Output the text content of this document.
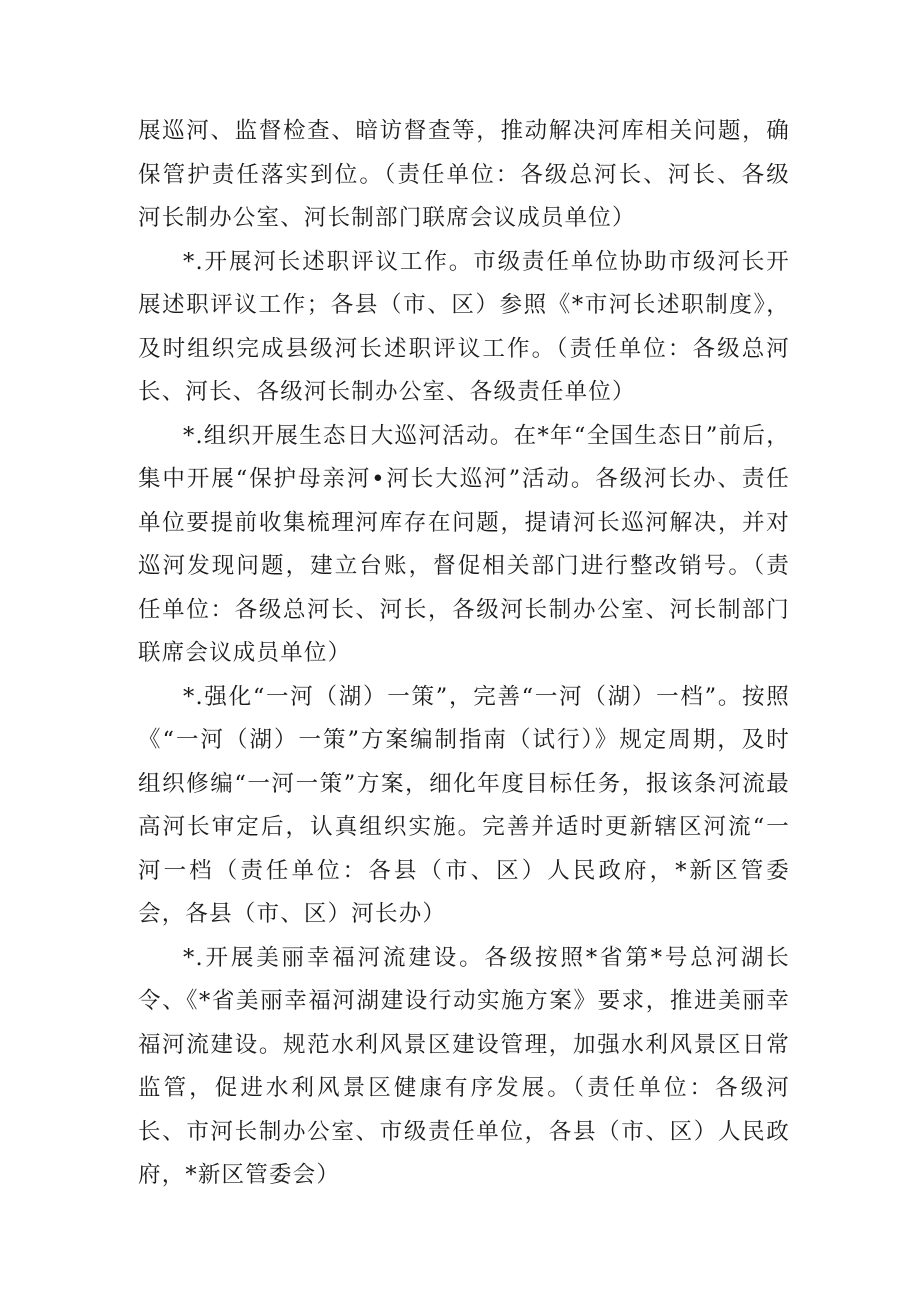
展巡河、监督检查、暗访督查等，推动解决河库相关问题，确保管护责任落实到位。（责任单位：各级总河长、河长、各级河长制办公室、河长制部门联席会议成员单位）

*.开展河长述职评议工作。市级责任单位协助市级河长开展述职评议工作；各县（市、区）参照《*市河长述职制度》，及时组织完成县级河长述职评议工作。（责任单位：各级总河长、河长、各级河长制办公室、各级责任单位）

*.组织开展生态日大巡河活动。在*年“全国生态日”前后，集中开展“保护母亲河•河长大巡河”活动。各级河长办、责任单位要提前收集梳理河库存在问题，提请河长巡河解决，并对巡河发现问题，建立台账，督促相关部门进行整改销号。（责任单位：各级总河长、河长，各级河长制办公室、河长制部门联席会议成员单位）

*.强化“一河（湖）一策”，完善“一河（湖）一档”。按照《“一河（湖）一策”方案编制指南（试行）》规定周期，及时组织修编“一河一策”方案，细化年度目标任务，报该条河流最高河长审定后，认真组织实施。完善并适时更新辖区河流“一河一档（责任单位：各县（市、区）人民政府，*新区管委会，各县（市、区）河长办）

*.开展美丽幸福河流建设。各级按照*省第*号总河湖长令、《*省美丽幸福河湖建设行动实施方案》要求，推进美丽幸福河流建设。规范水利风景区建设管理，加强水利风景区日常监管，促进水利风景区健康有序发展。（责任单位：各级河长、市河长制办公室、市级责任单位，各县（市、区）人民政府，*新区管委会）
